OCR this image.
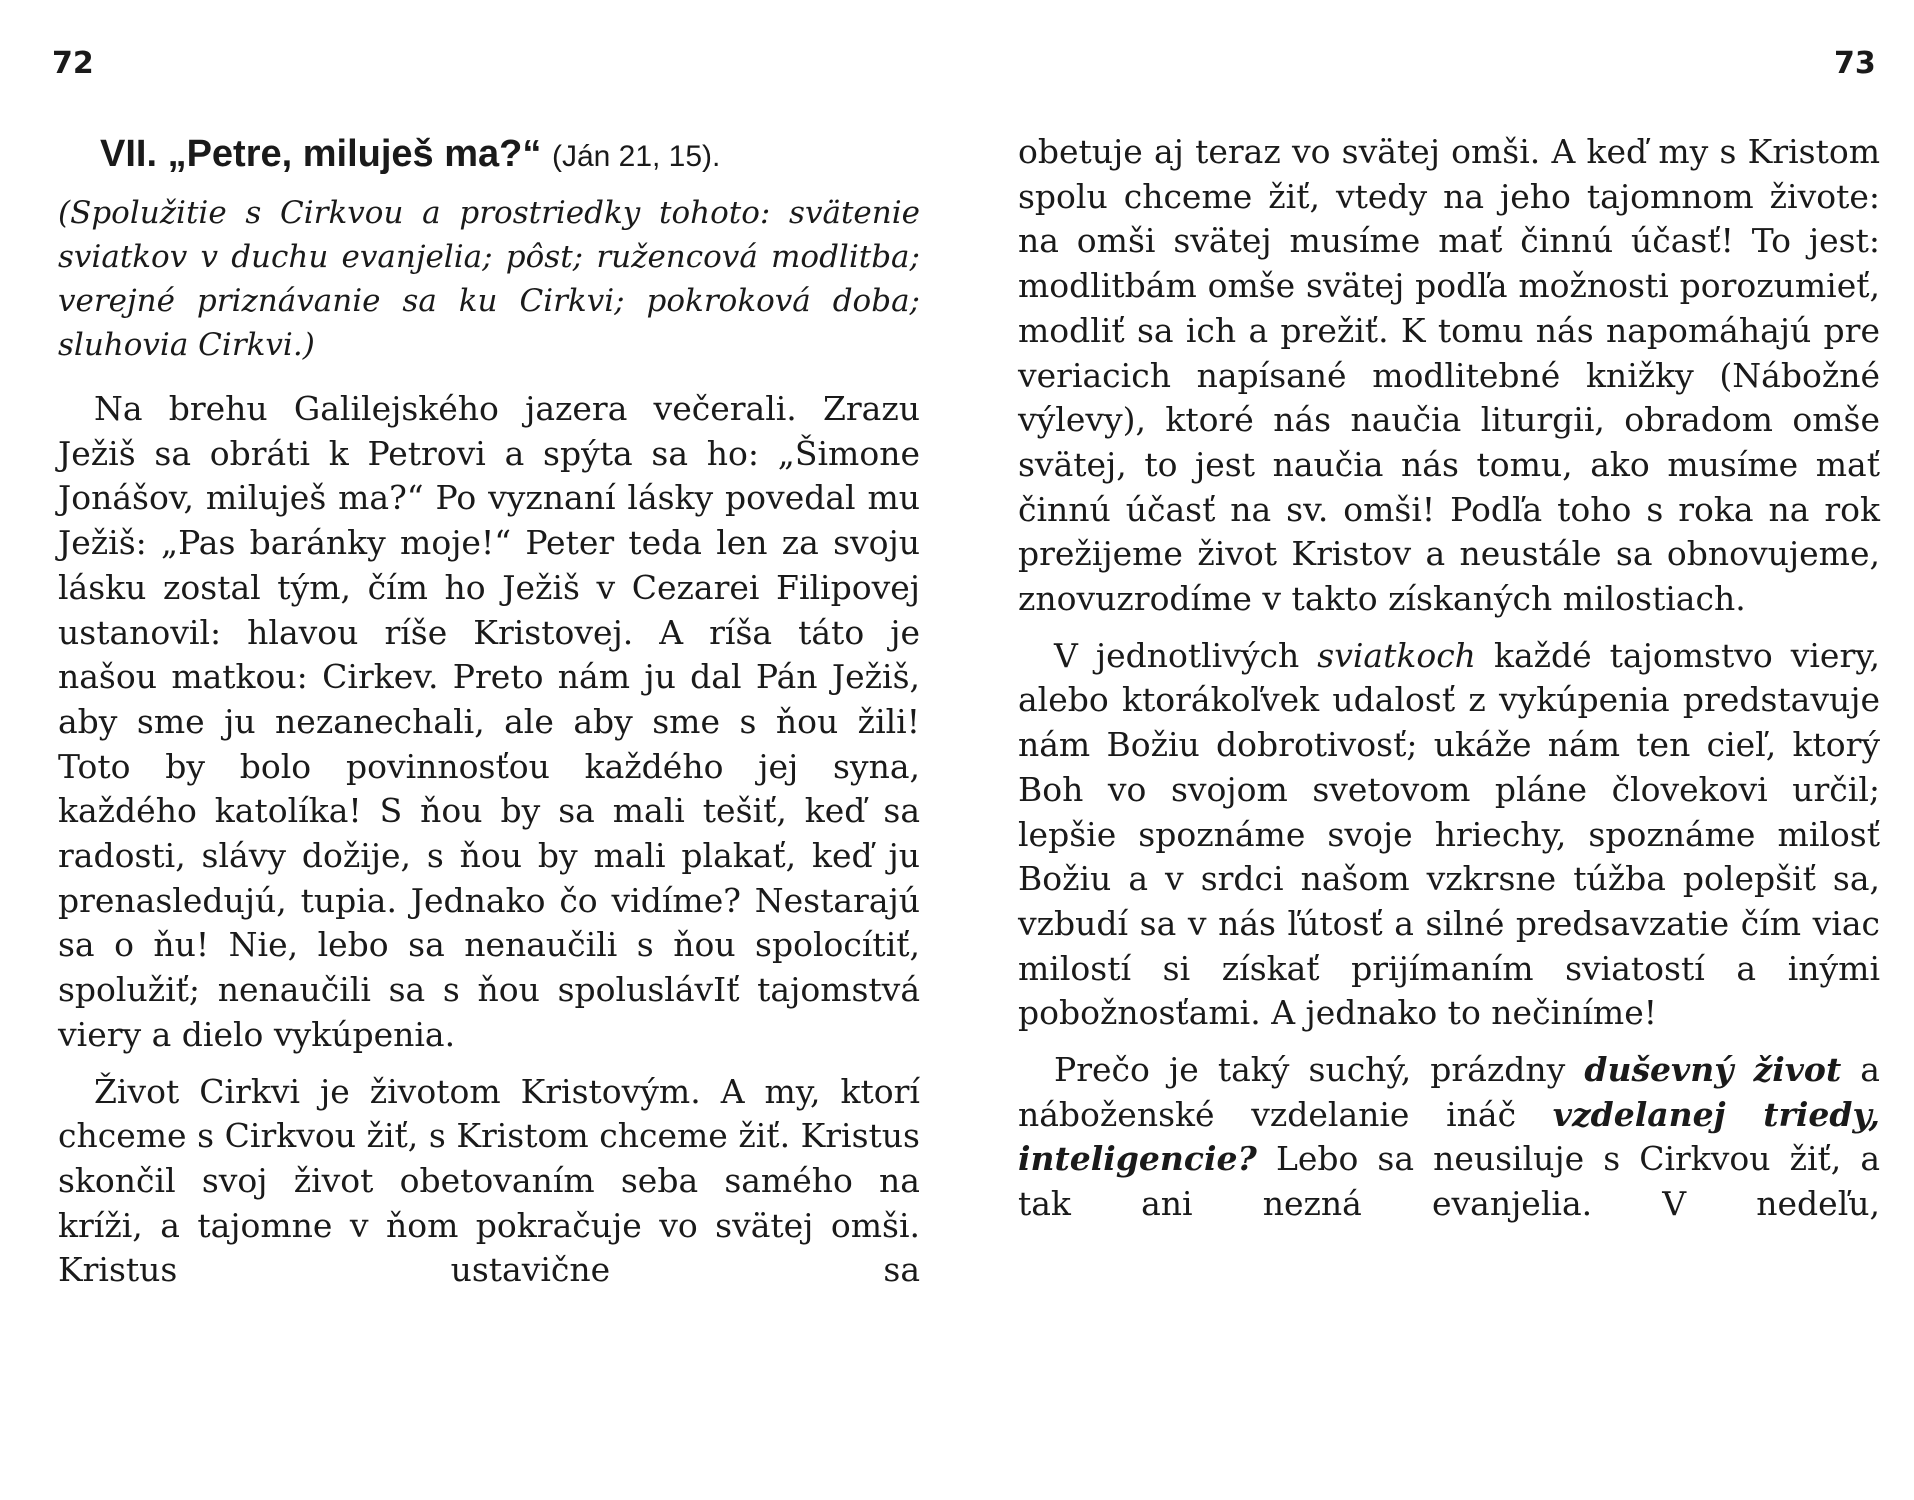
72	73
VII. „Petre, miluješ ma?“ (Ján 21, 15).
(Spolužitie s Cirkvou a prostriedky tohoto: svätenie sviatkov v duchu evanjelia; pôst; ružencová modlitba; verejné priznávanie sa ku Cirkvi; pokroková doba; sluhovia Cirkvi.)

Na brehu Galilejského jazera večerali. Zrazu Ježiš sa obráti k Petrovi a spýta sa ho: „Šimone Jonášov, miluješ ma?“ Po vyznaní lásky povedal mu Ježiš: „Pas baránky moje!“ Peter teda len za svoju lásku zostal tým, čím ho Ježiš v Cezarei Filipovej ustanovil: hlavou ríše Kristovej. A ríša táto je našou matkou: Cirkev. Preto nám ju dal Pán Ježiš, aby sme ju nezanechali, ale aby sme s ňou žili! Toto by bolo povinnosťou každého jej syna, každého katolíka! S ňou by sa mali tešiť, keď sa radosti, slávy dožije, s ňou by mali plakať, keď ju prenasledujú, tupia. Jednako čo vidíme? Nestarajú sa o ňu! Nie, lebo sa nenaučili s ňou spolocítiť, spolužiť; nenaučili sa s ňou spoluslávIť tajomstvá viery a dielo vykúpenia.

Život Cirkvi je životom Kristovým. A my, ktorí chceme s Cirkvou žiť, s Kristom chceme žiť. Kristus skončil svoj život obetovaním seba samého na kríži, a tajomne v ňom pokračuje vo svätej omši. Kristus ustavične sa

obetuje aj teraz vo svätej omši. A keď my s Kristom spolu chceme žiť, vtedy na jeho tajomnom živote: na omši svätej musíme mať činnú účasť! To jest: modlitbám omše svätej podľa možnosti porozumieť, modliť sa ich a prežiť. K tomu nás napomáhajú pre veriacich napísané modlitebné knižky (Nábožné výlevy), ktoré nás naučia liturgii, obradom omše svätej, to jest naučia nás tomu, ako musíme mať činnú účasť na sv. omši! Podľa toho s roka na rok prežijeme život Kristov a neustále sa obnovujeme, znovuzrodíme v takto získaných milostiach.

V jednotlivých sviatkoch každé tajomstvo viery, alebo ktorákoľvek udalosť z vykúpenia predstavuje nám Božiu dobrotivosť; ukáže nám ten cieľ, ktorý Boh vo svojom svetovom pláne človekovi určil; lepšie spoznáme svoje hriechy, spoznáme milosť Božiu a v srdci našom vzkrsne túžba polepšiť sa, vzbudí sa v nás ľútosť a silné predsavzatie čím viac milostí si získať prijímaním sviatostí a inými pobožnosťami. A jednako to nečiníme!

Prečo je taký suchý, prázdny duševný život a náboženské vzdelanie ináč vzdelanej triedy, inteligencie? Lebo sa neusiluje s Cirkvou žiť, a tak ani nezná evanjelia. V nedeľu,
